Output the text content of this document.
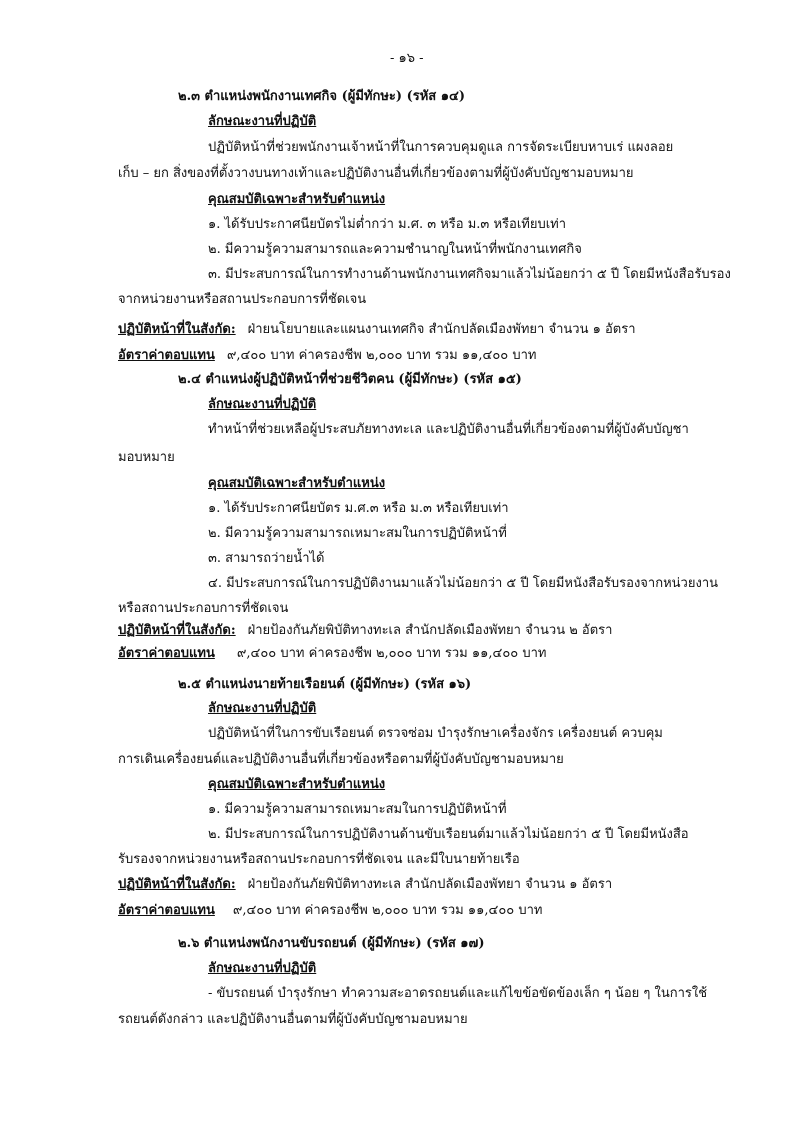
- ๑๖ -
๒.๓ ตำแหน่งพนักงานเทศกิจ (ผู้มีทักษะ) (รหัส ๑๔)
ลักษณะงานที่ปฏิบัติ
ปฏิบัติหน้าที่ช่วยพนักงานเจ้าหน้าที่ในการควบคุมดูแล การจัดระเบียบหาบเร่ แผงลอย
เก็บ – ยก สิ่งของที่ตั้งวางบนทางเท้าและปฏิบัติงานอื่นที่เกี่ยวข้องตามที่ผู้บังคับบัญชามอบหมาย
คุณสมบัติเฉพาะสำหรับตำแหน่ง
๑. ได้รับประกาศนียบัตรไม่ต่ำกว่า ม.ศ. ๓ หรือ ม.๓ หรือเทียบเท่า
๒. มีความรู้ความสามารถและความชำนาญในหน้าที่พนักงานเทศกิจ
๓. มีประสบการณ์ในการทำงานด้านพนักงานเทศกิจมาแล้วไม่น้อยกว่า ๕ ปี โดยมีหนังสือรับรอง
จากหน่วยงานหรือสถานประกอบการที่ชัดเจน
ปฏิบัติหน้าที่ในสังกัด: ฝ่ายนโยบายและแผนงานเทศกิจ สำนักปลัดเมืองพัทยา จำนวน ๑ อัตรา
อัตราค่าตอบแทน ๙,๔๐๐ บาท ค่าครองชีพ ๒,๐๐๐ บาท รวม ๑๑,๔๐๐ บาท
๒.๔ ตำแหน่งผู้ปฏิบัติหน้าที่ช่วยชีวิตคน (ผู้มีทักษะ) (รหัส ๑๕)
ลักษณะงานที่ปฏิบัติ
ทำหน้าที่ช่วยเหลือผู้ประสบภัยทางทะเล และปฏิบัติงานอื่นที่เกี่ยวข้องตามที่ผู้บังคับบัญชา
มอบหมาย
คุณสมบัติเฉพาะสำหรับตำแหน่ง
๑. ได้รับประกาศนียบัตร ม.ศ.๓ หรือ ม.๓ หรือเทียบเท่า
๒. มีความรู้ความสามารถเหมาะสมในการปฏิบัติหน้าที่
๓. สามารถว่ายน้ำได้
๔. มีประสบการณ์ในการปฏิบัติงานมาแล้วไม่น้อยกว่า ๕ ปี โดยมีหนังสือรับรองจากหน่วยงาน
หรือสถานประกอบการที่ชัดเจน
ปฏิบัติหน้าที่ในสังกัด: ฝ่ายป้องกันภัยพิบัติทางทะเล สำนักปลัดเมืองพัทยา จำนวน ๒ อัตรา
อัตราค่าตอบแทน ๙,๔๐๐ บาท ค่าครองชีพ ๒,๐๐๐ บาท รวม ๑๑,๔๐๐ บาท
๒.๕ ตำแหน่งนายท้ายเรือยนต์ (ผู้มีทักษะ) (รหัส ๑๖)
ลักษณะงานที่ปฏิบัติ
ปฏิบัติหน้าที่ในการขับเรือยนต์ ตรวจซ่อม บำรุงรักษาเครื่องจักร เครื่องยนต์ ควบคุม
การเดินเครื่องยนต์และปฏิบัติงานอื่นที่เกี่ยวข้องหรือตามที่ผู้บังคับบัญชามอบหมาย
คุณสมบัติเฉพาะสำหรับตำแหน่ง
๑. มีความรู้ความสามารถเหมาะสมในการปฏิบัติหน้าที่
๒. มีประสบการณ์ในการปฏิบัติงานด้านขับเรือยนต์มาแล้วไม่น้อยกว่า ๕ ปี โดยมีหนังสือ
รับรองจากหน่วยงานหรือสถานประกอบการที่ชัดเจน และมีใบนายท้ายเรือ
ปฏิบัติหน้าที่ในสังกัด: ฝ่ายป้องกันภัยพิบัติทางทะเล สำนักปลัดเมืองพัทยา จำนวน ๑ อัตรา
อัตราค่าตอบแทน ๙,๔๐๐ บาท ค่าครองชีพ ๒,๐๐๐ บาท รวม ๑๑,๔๐๐ บาท
๒.๖ ตำแหน่งพนักงานขับรถยนต์ (ผู้มีทักษะ) (รหัส ๑๗)
ลักษณะงานที่ปฏิบัติ
- ขับรถยนต์ บำรุงรักษา ทำความสะอาดรถยนต์และแก้ไขข้อขัดข้องเล็ก ๆ น้อย ๆ ในการใช้
รถยนต์ดังกล่าว และปฏิบัติงานอื่นตามที่ผู้บังคับบัญชามอบหมาย
